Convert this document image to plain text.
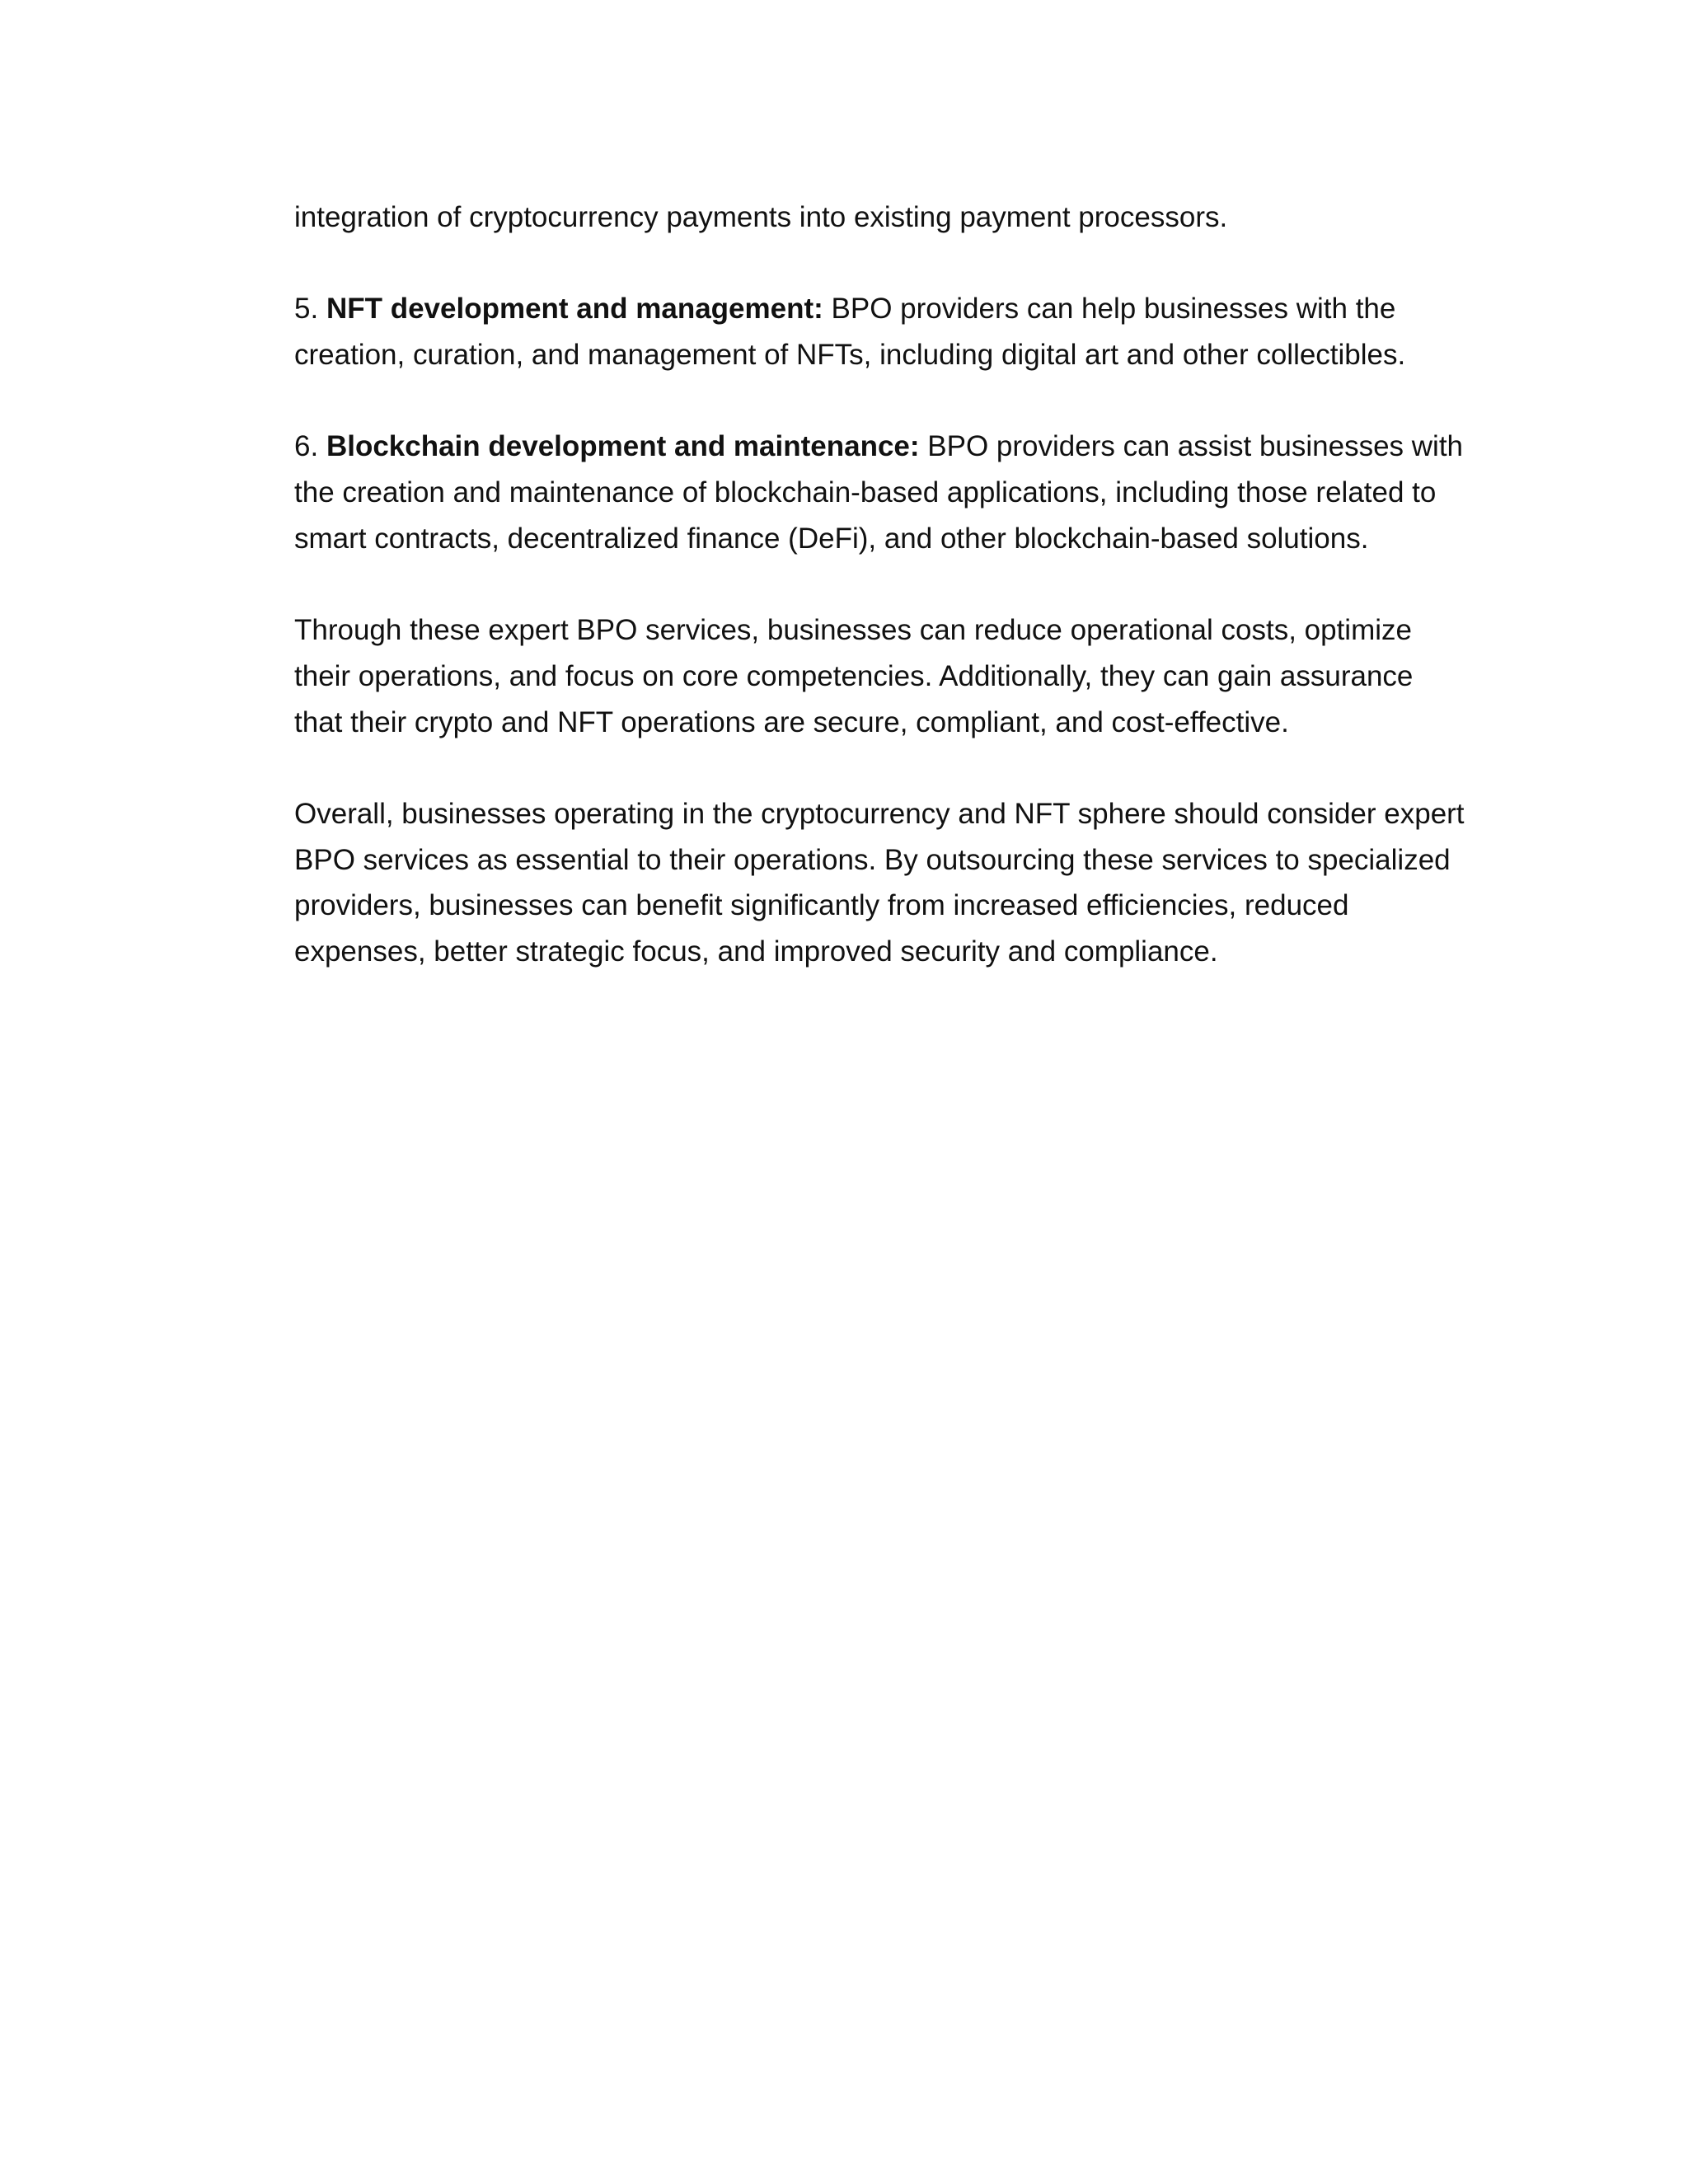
integration of cryptocurrency payments into existing payment processors.

5. NFT development and management: BPO providers can help businesses with the creation, curation, and management of NFTs, including digital art and other collectibles.

6. Blockchain development and maintenance: BPO providers can assist businesses with the creation and maintenance of blockchain-based applications, including those related to smart contracts, decentralized finance (DeFi), and other blockchain-based solutions.

Through these expert BPO services, businesses can reduce operational costs, optimize their operations, and focus on core competencies. Additionally, they can gain assurance that their crypto and NFT operations are secure, compliant, and cost-effective.

Overall, businesses operating in the cryptocurrency and NFT sphere should consider expert BPO services as essential to their operations. By outsourcing these services to specialized providers, businesses can benefit significantly from increased efficiencies, reduced expenses, better strategic focus, and improved security and compliance.
